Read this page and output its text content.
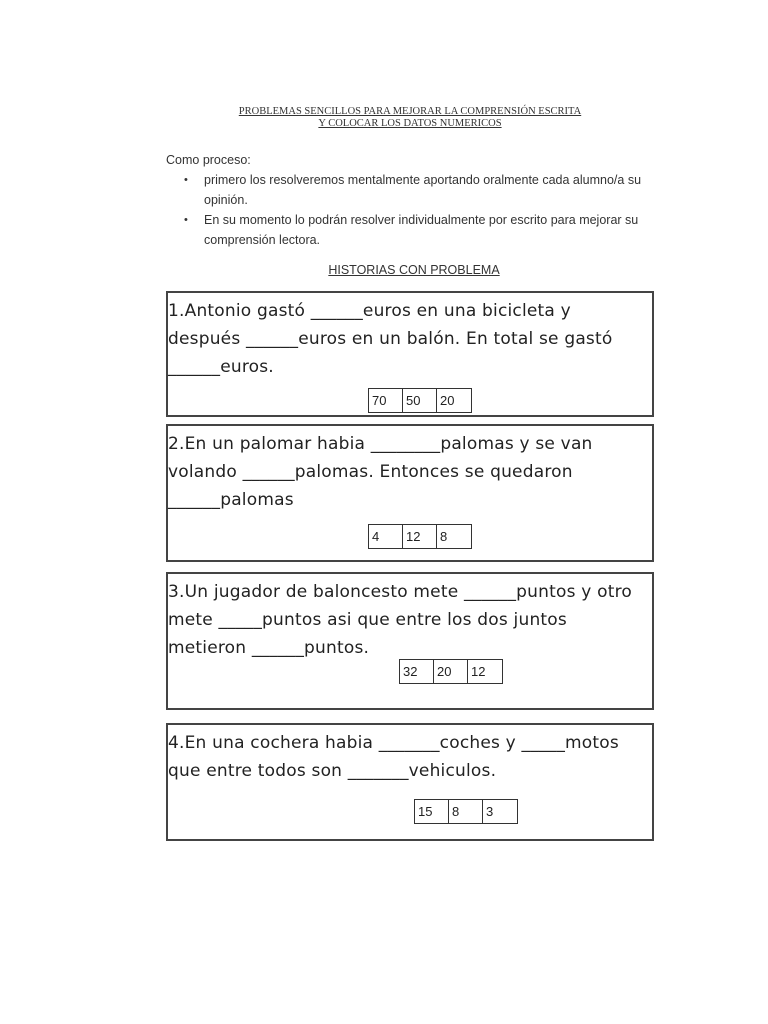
PROBLEMAS SENCILLOS PARA MEJORAR LA COMPRENSIÓN ESCRITA
Y COLOCAR LOS DATOS NUMERICOS
Como proceso:
• primero los resolveremos mentalmente aportando oralmente cada alumno/a su opinión.
• En su momento lo podrán resolver individualmente por escrito para mejorar su comprensión lectora.
HISTORIAS CON PROBLEMA
1.Antonio gastó ______euros en una bicicleta y después ______euros en un balón. En total se gastó ______euros.
70	50	20
2.En un palomar habia ________palomas y se van volando ______palomas. Entonces se quedaron ______palomas
4	12	8
3.Un jugador de baloncesto mete ______puntos y otro mete _____puntos asi que entre los dos juntos metieron ______puntos.
32	20	12
4.En una cochera habia _______coches y _____motos que entre todos son _______vehiculos.
15	8	3
